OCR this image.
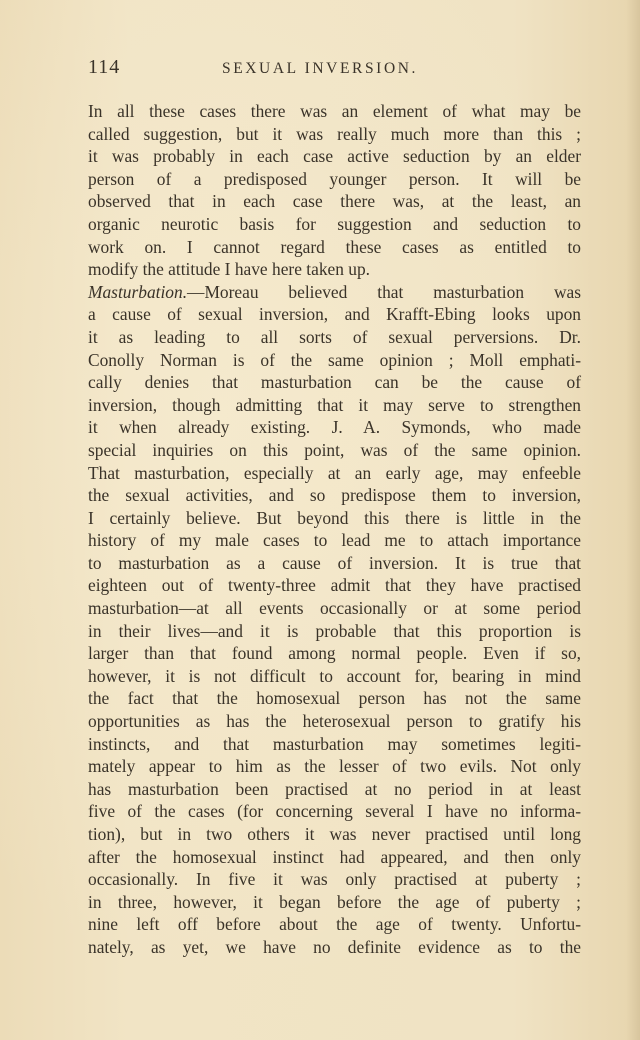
114	SEXUAL INVERSION.
In all these cases there was an element of what may be
called suggestion, but it was really much more than this ;
it was probably in each case active seduction by an elder
person of a predisposed younger person. It will be
observed that in each case there was, at the least, an
organic neurotic basis for suggestion and seduction to
work on. I cannot regard these cases as entitled to
modify the attitude I have here taken up.
Masturbation.—Moreau believed that masturbation was
a cause of sexual inversion, and Krafft-Ebing looks upon
it as leading to all sorts of sexual perversions. Dr.
Conolly Norman is of the same opinion ; Moll emphati-
cally denies that masturbation can be the cause of
inversion, though admitting that it may serve to strengthen
it when already existing. J. A. Symonds, who made
special inquiries on this point, was of the same opinion.
That masturbation, especially at an early age, may enfeeble
the sexual activities, and so predispose them to inversion,
I certainly believe. But beyond this there is little in the
history of my male cases to lead me to attach importance
to masturbation as a cause of inversion. It is true that
eighteen out of twenty-three admit that they have practised
masturbation—at all events occasionally or at some period
in their lives—and it is probable that this proportion is
larger than that found among normal people. Even if so,
however, it is not difficult to account for, bearing in mind
the fact that the homosexual person has not the same
opportunities as has the heterosexual person to gratify his
instincts, and that masturbation may sometimes legiti-
mately appear to him as the lesser of two evils. Not only
has masturbation been practised at no period in at least
five of the cases (for concerning several I have no informa-
tion), but in two others it was never practised until long
after the homosexual instinct had appeared, and then only
occasionally. In five it was only practised at puberty ;
in three, however, it began before the age of puberty ;
nine left off before about the age of twenty. Unfortu-
nately, as yet, we have no definite evidence as to the
